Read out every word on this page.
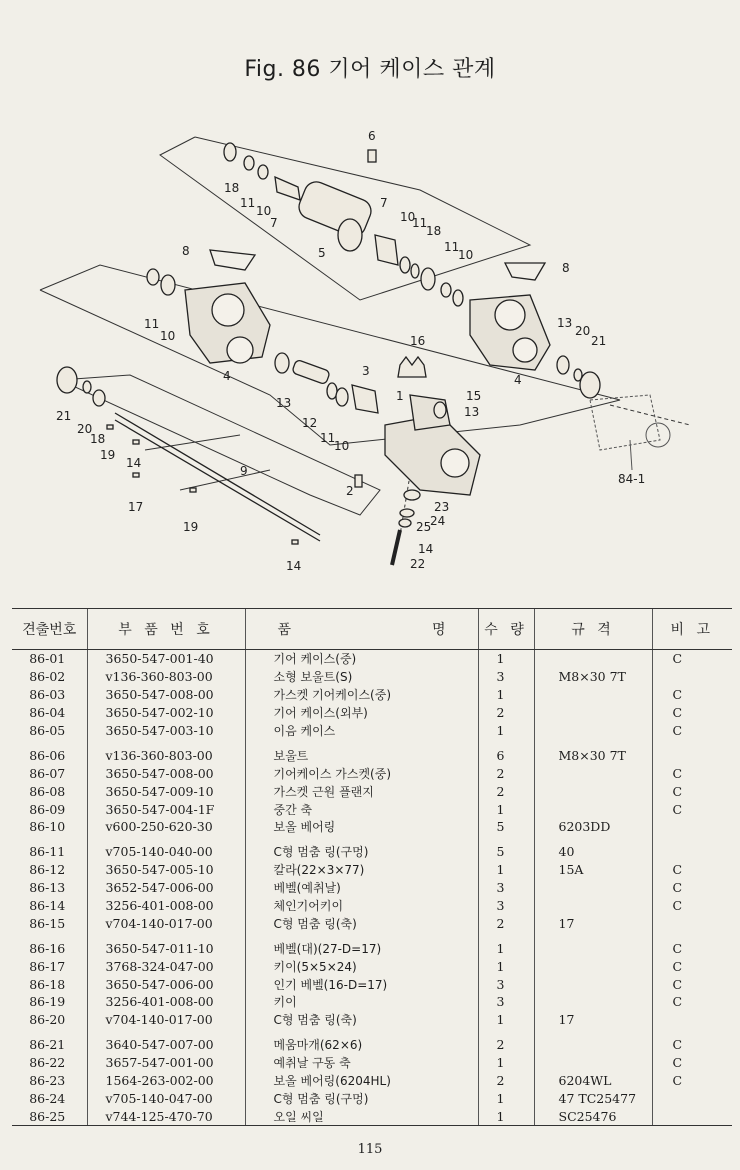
Fig. 86 기어 케이스 관계
6
18
11
10
7
5
7
10
11
18
11
10
8
8
11
10
4
13
20
21
4
16
3
15
13
1
21
20
18
19
14
13
12
11
10
9
2
23
24
25
14
22
17
19
14
84-1
견출번호	부 품 번 호	품 명	수 량	규 격	비 고
86-01	3650-547-001-40	기어 케이스(중)	1		C
86-02	v136-360-803-00	소형 보울트(S)	3	M8×30 7T	
86-03	3650-547-008-00	가스켓 기어케이스(중)	1		C
86-04	3650-547-002-10	기어 케이스(외부)	2		C
86-05	3650-547-003-10	이음 케이스	1		C
86-06	v136-360-803-00	보울트	6	M8×30 7T	
86-07	3650-547-008-00	기어케이스 가스켓(중)	2		C
86-08	3650-547-009-10	가스켓 근원 플랜지	2		C
86-09	3650-547-004-1F	중간 축	1		C
86-10	v600-250-620-30	보올 베어링	5	6203DD	
86-11	v705-140-040-00	C형 멈춤 링(구멍)	5	40	
86-12	3650-547-005-10	칼라(22×3×77)	1	15A	C
86-13	3652-547-006-00	베벨(예취날)	3		C
86-14	3256-401-008-00	체인기어키이	3		C
86-15	v704-140-017-00	C형 멈춤 링(축)	2	17	
86-16	3650-547-011-10	베벨(대)(27-D=17)	1		C
86-17	3768-324-047-00	키이(5×5×24)	1		C
86-18	3650-547-006-00	인기 베벨(16-D=17)	3		C
86-19	3256-401-008-00	키이	3		C
86-20	v704-140-017-00	C형 멈춤 링(축)	1	17	
86-21	3640-547-007-00	메움마개(62×6)	2		C
86-22	3657-547-001-00	예취날 구동 축	1		C
86-23	1564-263-002-00	보올 베어링(6204HL)	2	6204WL	C
86-24	v705-140-047-00	C형 멈춤 링(구멍)	1	47 TC25477	
86-25	v744-125-470-70	오일 씨일	1	SC25476	
115
